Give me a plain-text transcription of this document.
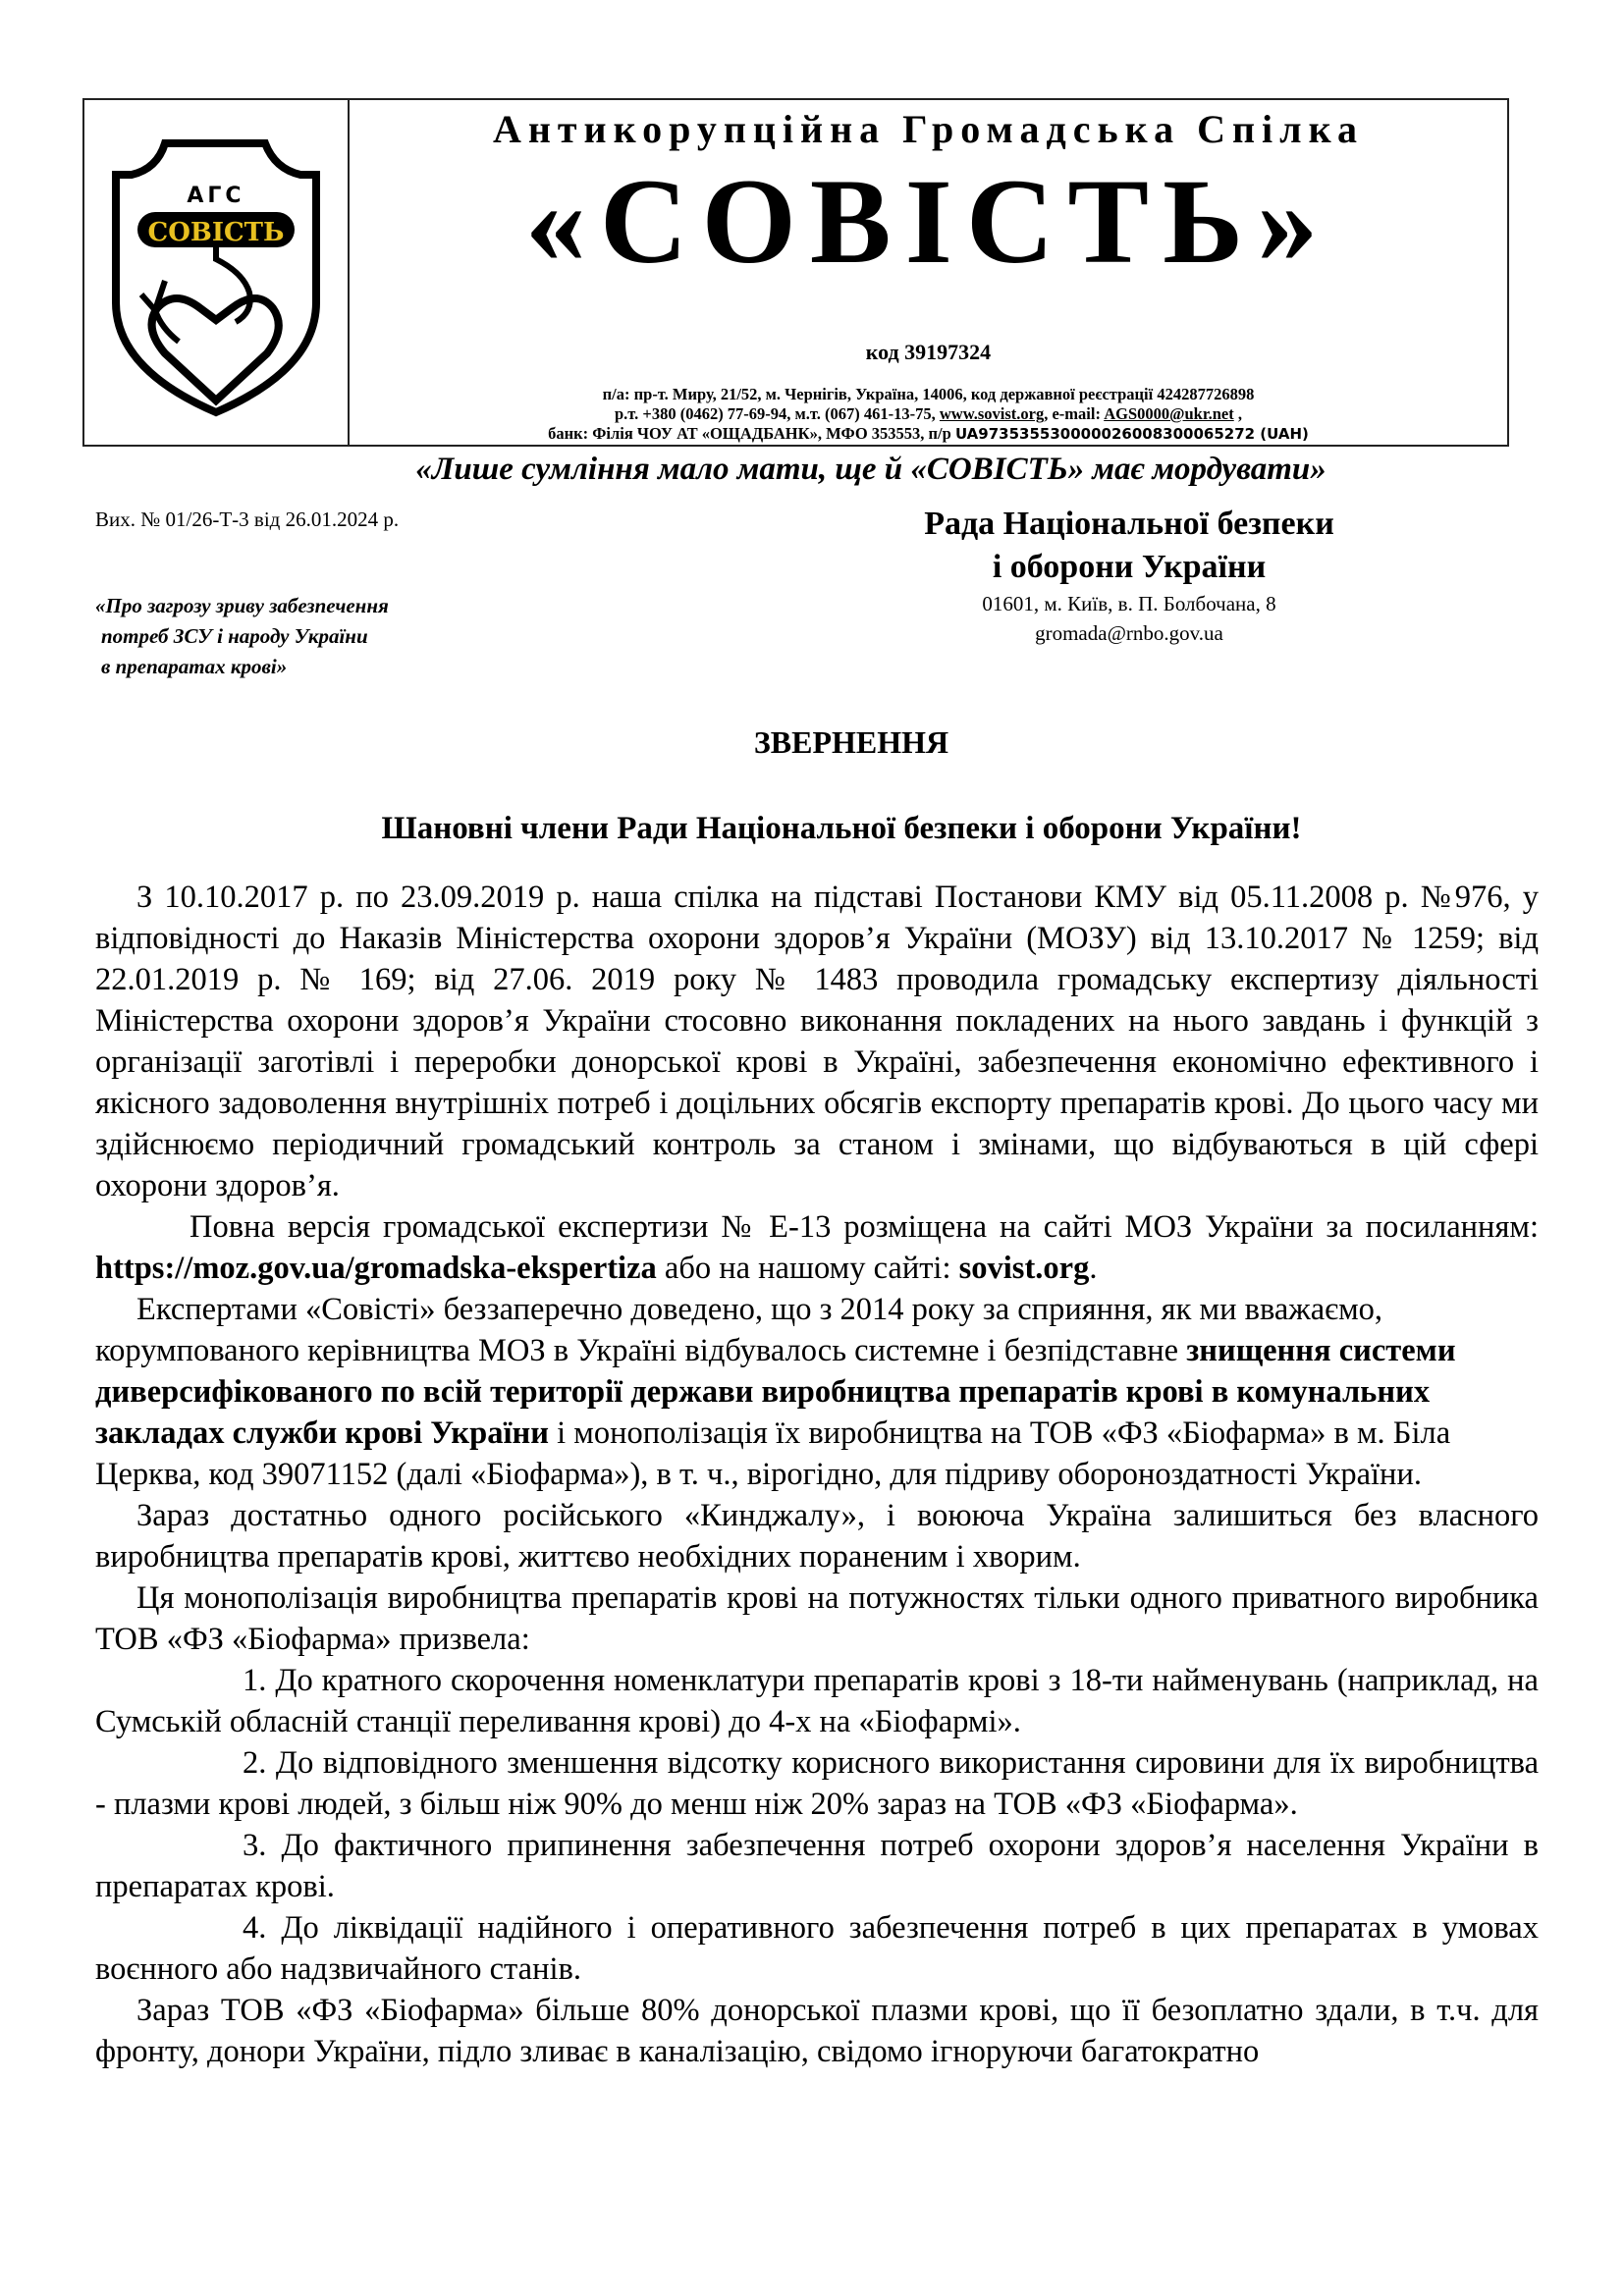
АГС
СОВІСТЬ
Антикорупційна Громадська Спілка
«СОВІСТЬ»
код 39197324
п/а: пр-т. Миру, 21/52, м. Чернігів, Україна, 14006, код державної реєстрації 424287726898
р.т. +380 (0462) 77-69-94, м.т. (067) 461-13-75, www.sovist.org, e-mail: AGS0000@ukr.net ,
банк: Філія ЧОУ АТ «ОЩАДБАНК», МФО 353553, п/р UA973535530000026008300065272 (UAH)
«Лише сумління мало мати, ще й «СОВІСТЬ» має мордувати»
Вих. № 01/26-Т-3 від 26.01.2024 р.
«Про загрозу зриву забезпечення
потреб ЗСУ і народу України
в препаратах крові»
Рада Національної безпеки
і оборони України
01601, м. Київ, в. П. Болбочана, 8
gromada@rnbo.gov.ua
ЗВЕРНЕННЯ
Шановні члени Ради Національної безпеки і оборони України!

З 10.10.2017 р. по 23.09.2019 р. наша спілка на підставі Постанови КМУ від 05.11.2008 р. №976, у відповідності до Наказів Міністерства охорони здоров’я України (МОЗУ) від 13.10.2017 № 1259; від 22.01.2019 р. № 169; від 27.06. 2019 року № 1483 проводила громадську експертизу діяльності Міністерства охорони здоров’я України стосовно виконання покладених на нього завдань і функцій з організації заготівлі і переробки донорської крові в Україні, забезпечення економічно ефективного і якісного задоволення внутрішніх потреб і доцільних обсягів експорту препаратів крові. До цього часу ми здійснюємо періодичний громадський контроль за станом і змінами, що відбуваються в цій сфері охорони здоров’я.

Повна версія громадської експертизи № Е-13 розміщена на сайті МОЗ України за посиланням: https://moz.gov.ua/gromadska-ekspertiza або на нашому сайті: sovist.org.

Експертами «Совісті» беззаперечно доведено, що з 2014 року за сприяння, як ми вважаємо, корумпованого керівництва МОЗ в Україні відбувалось системне і безпідставне знищення системи диверсифікованого по всій території держави виробництва препаратів крові в комунальних закладах служби крові України і монополізація їх виробництва на ТОВ «ФЗ «Біофарма» в м. Біла Церква, код 39071152 (далі «Біофарма»), в т. ч., вірогідно, для підриву обороноздатності України.

Зараз достатньо одного російського «Кинджалу», і воююча Україна залишиться без власного виробництва препаратів крові, життєво необхідних пораненим і хворим.

Ця монополізація виробництва препаратів крові на потужностях тільки одного приватного виробника ТОВ «ФЗ «Біофарма» призвела:

1. До кратного скорочення номенклатури препаратів крові з 18-ти найменувань (наприклад, на Сумській обласній станції переливання крові) до 4-х на «Біофармі».

2. До відповідного зменшення відсотку корисного використання сировини для їх виробництва - плазми крові людей, з більш ніж 90% до менш ніж 20% зараз на ТОВ «ФЗ «Біофарма».

3. До фактичного припинення забезпечення потреб охорони здоров’я населення України в препаратах крові.

4. До ліквідації надійного і оперативного забезпечення потреб в цих препаратах в умовах воєнного або надзвичайного станів.

Зараз ТОВ «ФЗ «Біофарма» більше 80% донорської плазми крові, що її безоплатно здали, в т.ч. для фронту, донори України, підло зливає в каналізацію, свідомо ігноруючи багатократно
